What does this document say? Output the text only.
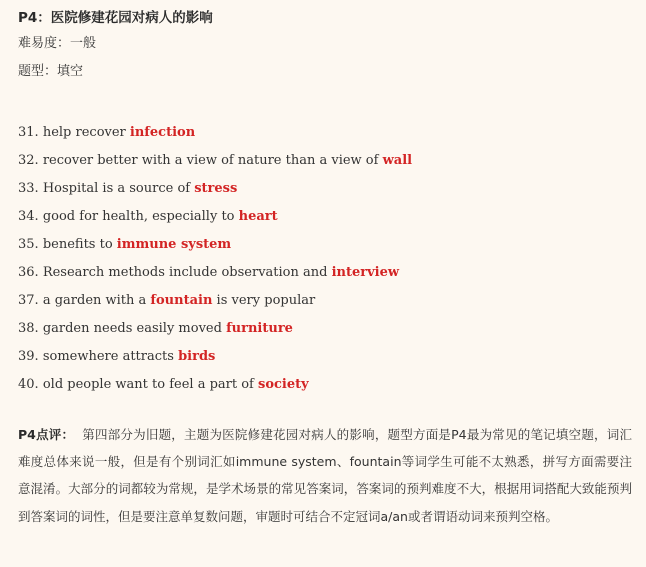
P4：医院修建花园对病人的影响
难易度：一般
题型：填空
31. help recover infection
32. recover better with a view of nature than a view of wall
33. Hospital is a source of stress
34. good for health, especially to heart
35. benefits to immune system
36. Research methods include observation and interview
37. a garden with a fountain is very popular
38. garden needs easily moved furniture
39. somewhere attracts birds
40. old people want to feel a part of society

P4点评： 第四部分为旧题，主题为医院修建花园对病人的影响，题型方面是P4最为常见的笔记填空题，词汇难度总体来说一般，但是有个别词汇如immune system、fountain等词学生可能不太熟悉，拼写方面需要注意混淆。大部分的词都较为常规，是学术场景的常见答案词，答案词的预判难度不大，根据用词搭配大致能预判到答案词的词性，但是要注意单复数问题，审题时可结合不定冠词a/an或者谓语动词来预判空格。
